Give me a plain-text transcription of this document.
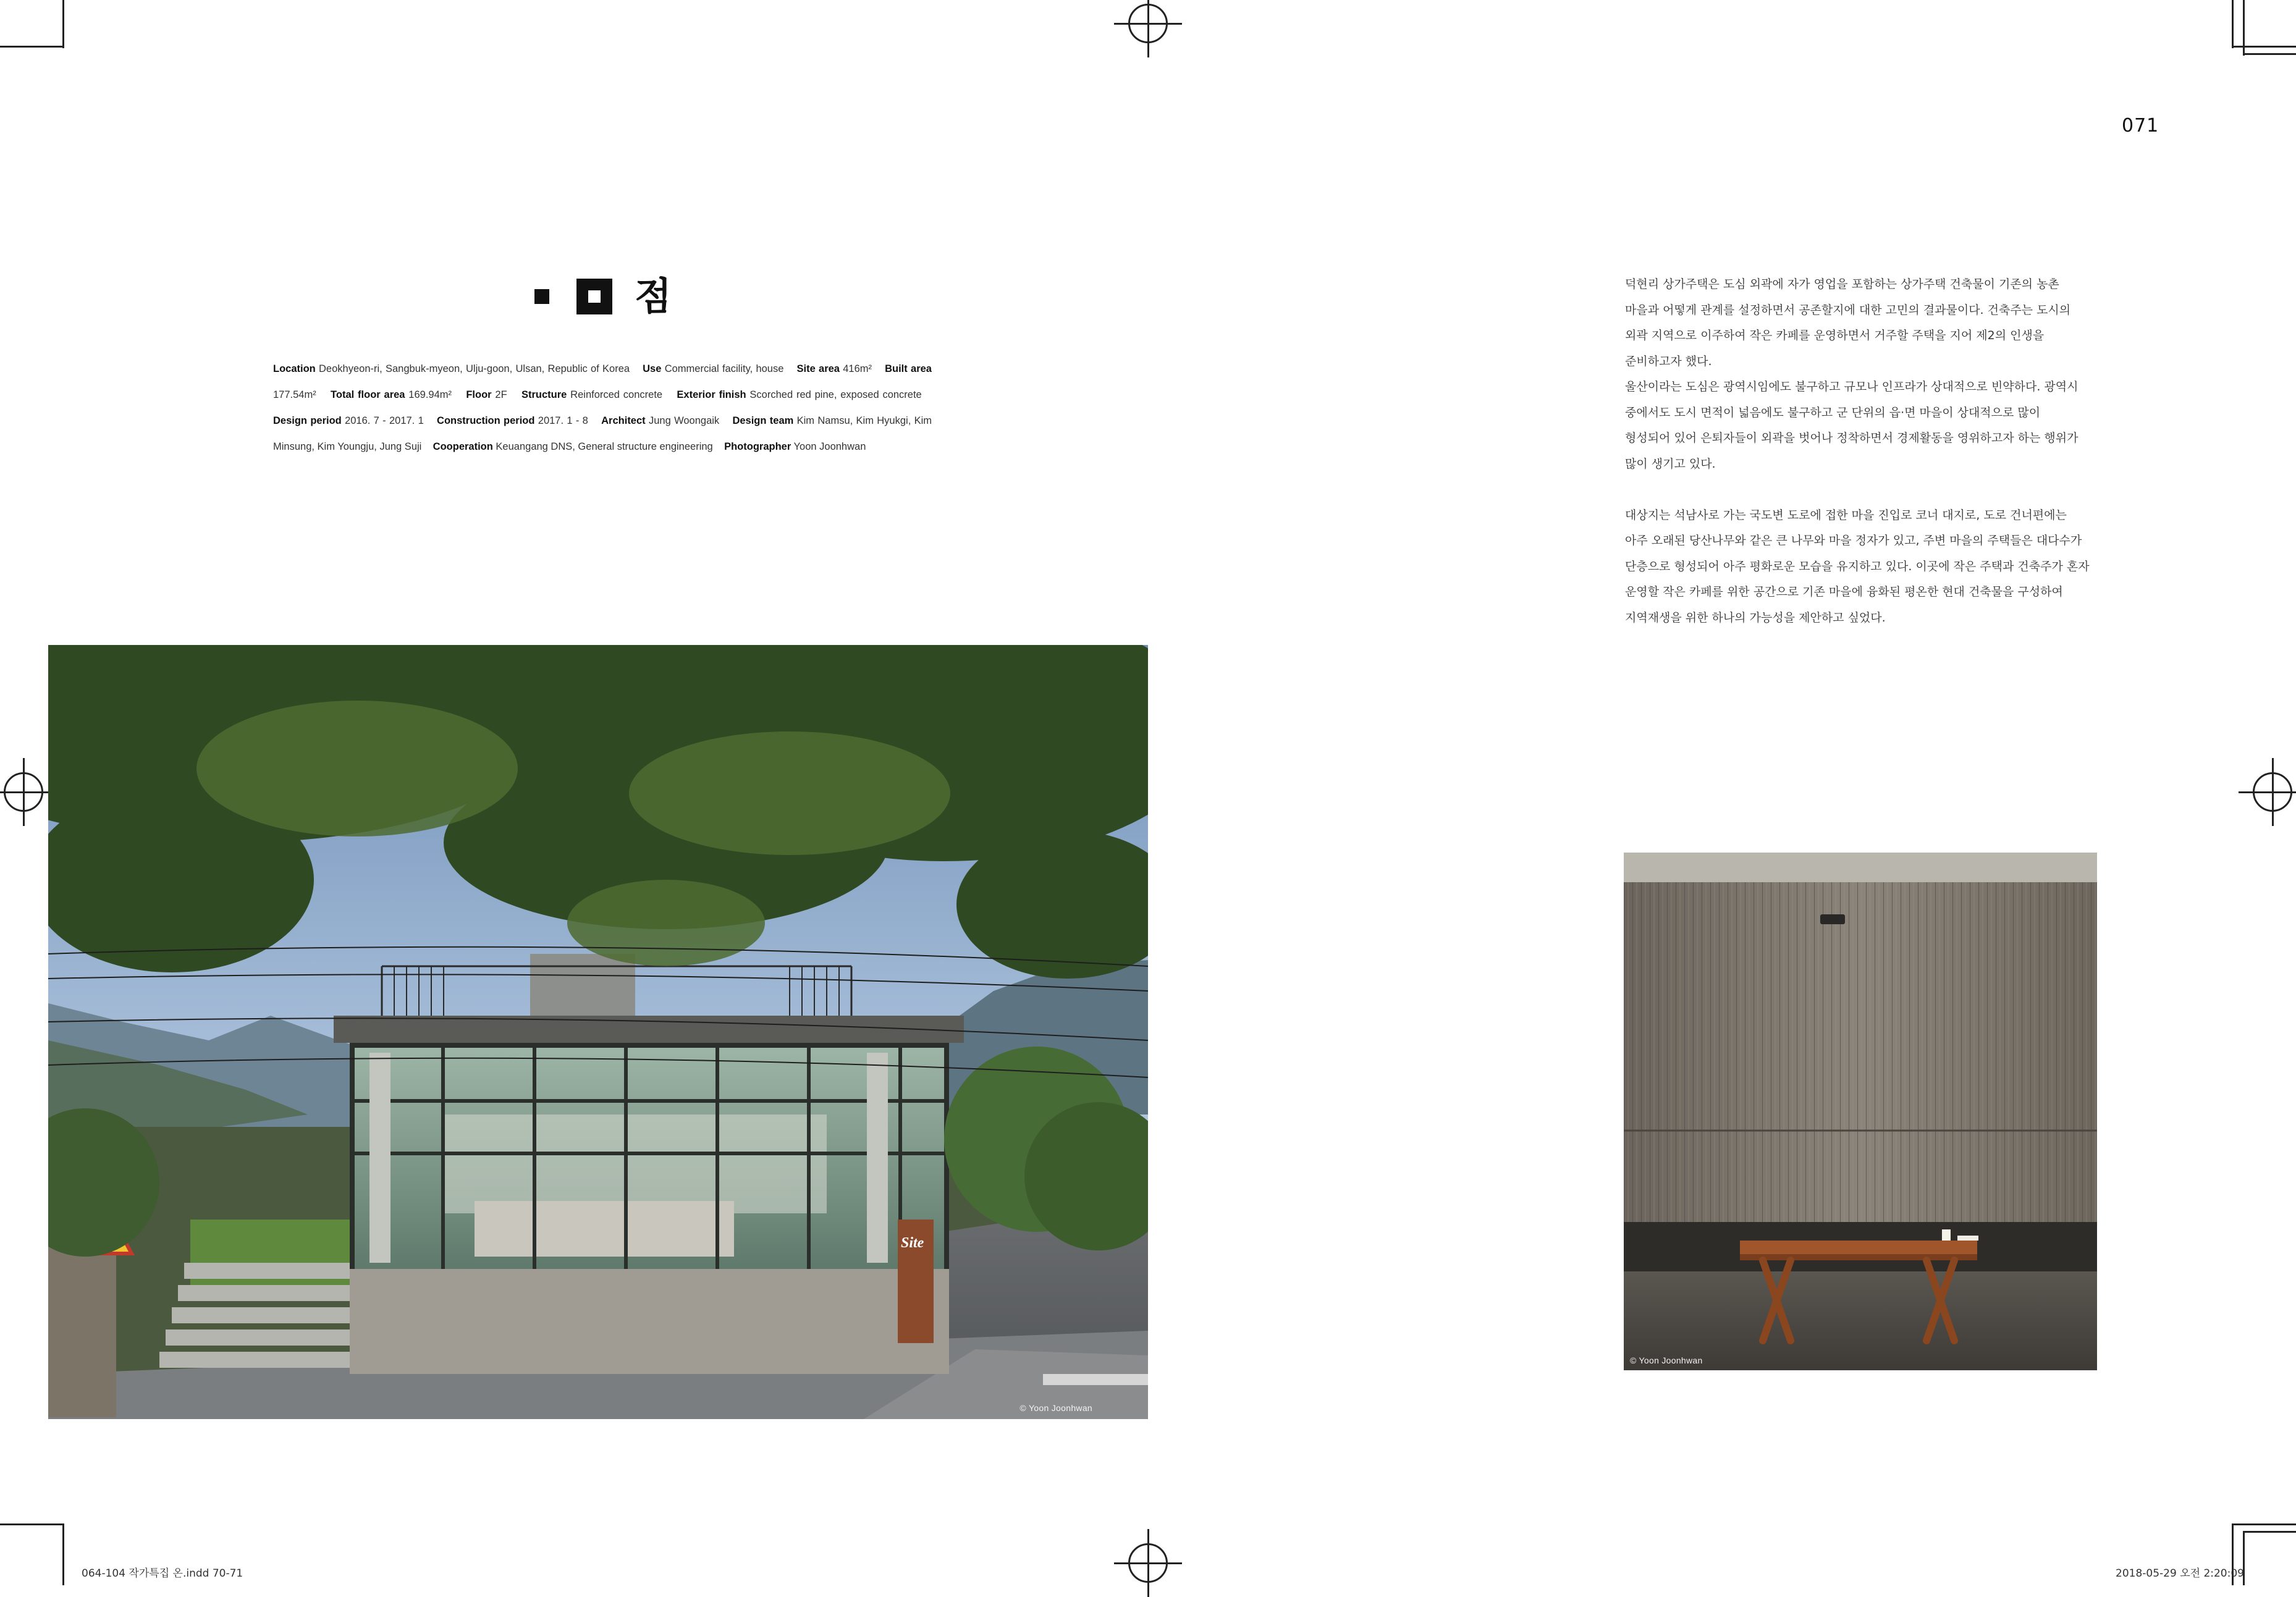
071
점
Location Deokhyeon-ri, Sangbuk-myeon, Ulju-goon, Ulsan, Republic of Korea Use Commercial facility, house Site area 416m² Built area 177.54m² Total floor area 169.94m² Floor 2F Structure Reinforced concrete Exterior finish Scorched red pine, exposed concrete    Design period 2016. 7 - 2017. 1 Construction period 2017. 1 - 8 Architect Jung Woongaik Design team Kim Namsu, Kim Hyukgi, Kim Minsung, Kim Youngju, Jung Suji Cooperation Keuangang DNS, General structure engineering Photographer Yoon Joonhwan

덕현리 상가주택은 도심 외곽에 자가 영업을 포함하는 상가주택 건축물이 기존의 농촌

마을과 어떻게 관계를 설정하면서 공존할지에 대한 고민의 결과물이다. 건축주는 도시의

외곽 지역으로 이주하여 작은 카페를 운영하면서 거주할 주택을 지어 제2의 인생을

준비하고자 했다.

울산이라는 도심은 광역시임에도 불구하고 규모나 인프라가 상대적으로 빈약하다. 광역시

중에서도 도시 면적이 넓음에도 불구하고 군 단위의 읍·면 마을이 상대적으로 많이

형성되어 있어 은퇴자들이 외곽을 벗어나 정착하면서 경제활동을 영위하고자 하는 행위가

많이 생기고 있다.

대상지는 석남사로 가는 국도변 도로에 접한 마을 진입로 코너 대지로, 도로 건너편에는

아주 오래된 당산나무와 같은 큰 나무와 마을 정자가 있고, 주변 마을의 주택들은 대다수가

단층으로 형성되어 아주 평화로운 모습을 유지하고 있다. 이곳에 작은 주택과 건축주가 혼자

운영할 작은 카페를 위한 공간으로 기존 마을에 융화된 평온한 현대 건축물을 구성하여

지역재생을 위한 하나의 가능성을 제안하고 싶었다.

Site
© Yoon Joonhwan
© Yoon Joonhwan
064-104 작가특집 온.indd 70-71	2018-05-29 오전 2:20:09
